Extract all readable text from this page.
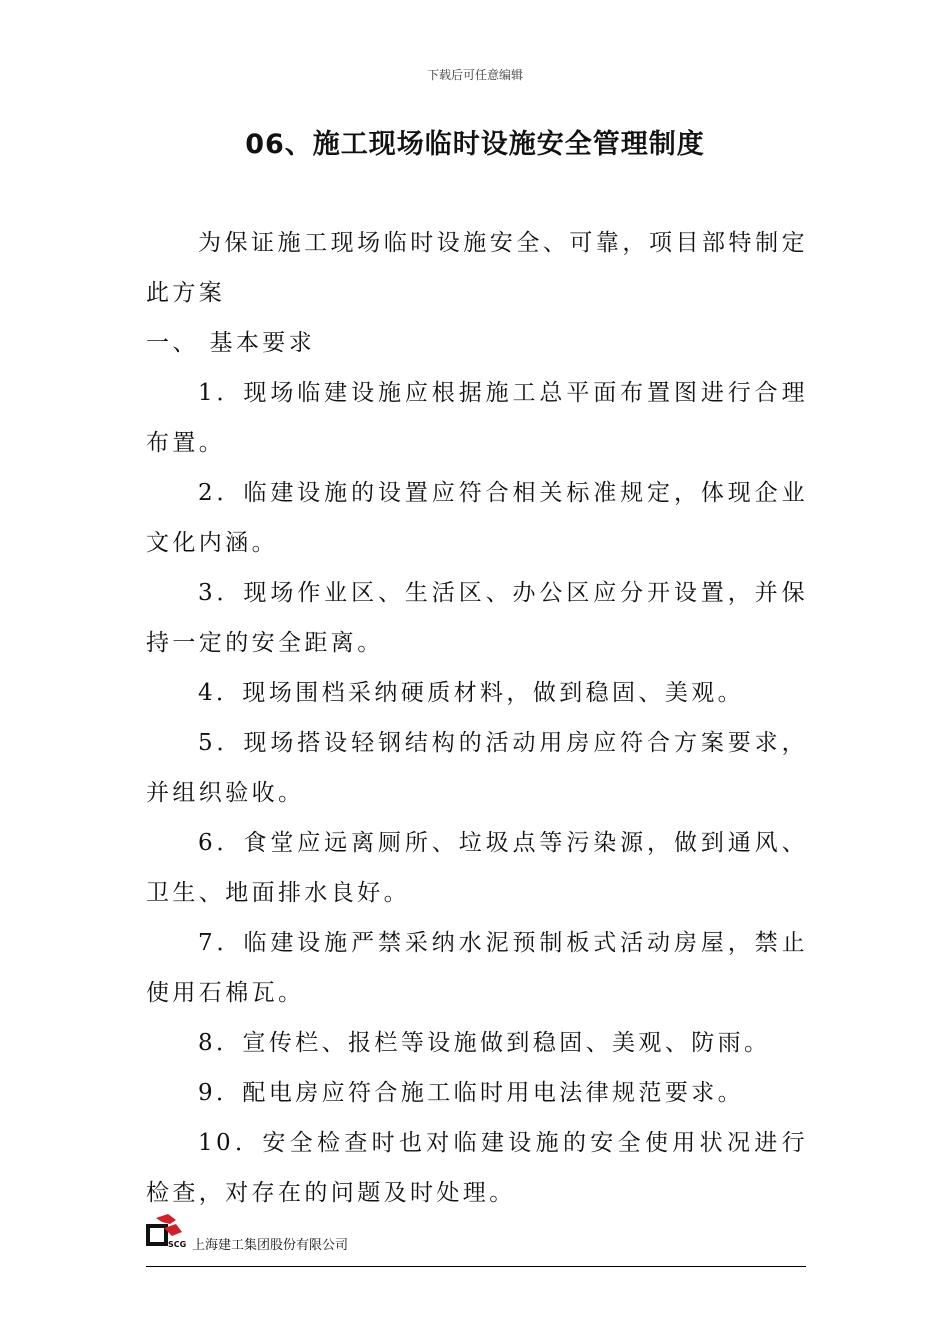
下载后可任意编辑
06、施工现场临时设施安全管理制度

为保证施工现场临时设施安全、可靠，项目部特制定此方案

一、 基本要求

1．现场临建设施应根据施工总平面布置图进行合理布置。

2．临建设施的设置应符合相关标准规定，体现企业文化内涵。

3．现场作业区、生活区、办公区应分开设置，并保持一定的安全距离。

4．现场围档采纳硬质材料，做到稳固、美观。

5．现场搭设轻钢结构的活动用房应符合方案要求，并组织验收。

6．食堂应远离厕所、垃圾点等污染源，做到通风、卫生、地面排水良好。

7．临建设施严禁采纳水泥预制板式活动房屋，禁止使用石棉瓦。

8．宣传栏、报栏等设施做到稳固、美观、防雨。

9．配电房应符合施工临时用电法律规范要求。

10．安全检查时也对临建设施的安全使用状况进行检查，对存在的问题及时处理。

SCG 上海建工集团股份有限公司
